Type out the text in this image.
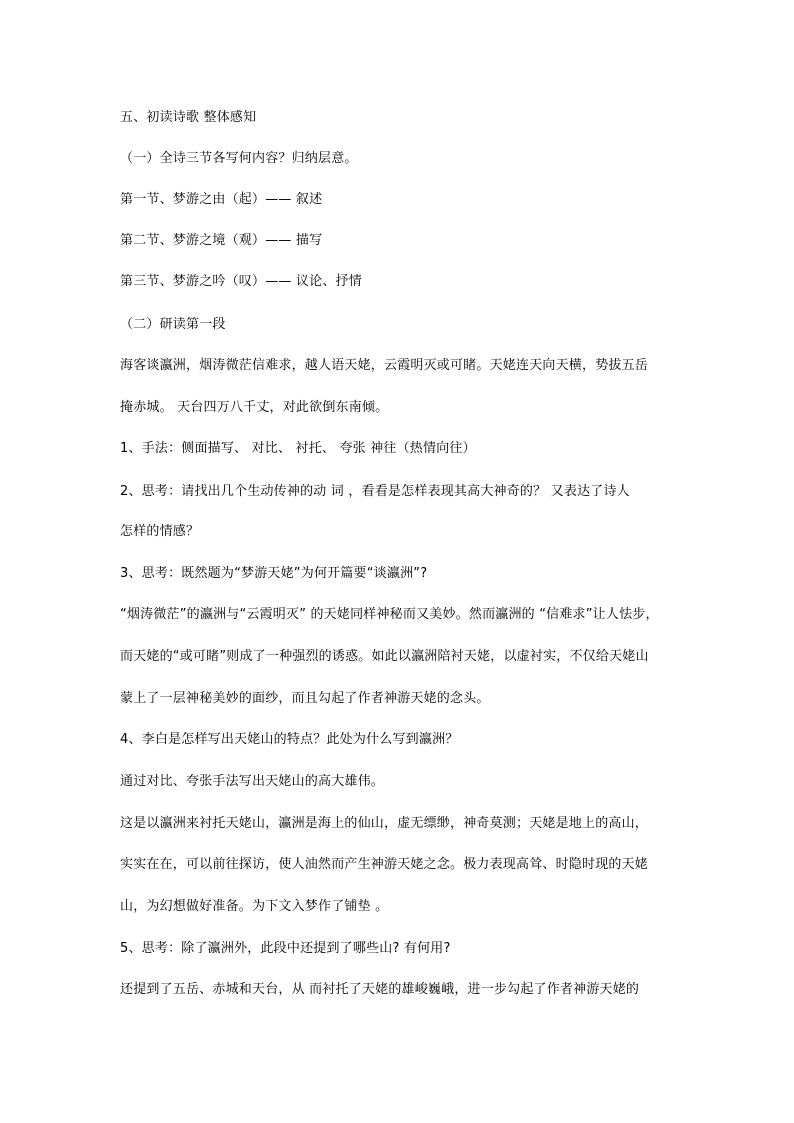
五、初读诗歌 整体感知
（一）全诗三节各写何内容？归纳层意。
第一节、梦游之由（起）—— 叙述
第二节、梦游之境（观）—— 描写
第三节、梦游之吟（叹）—— 议论、抒情
（二）研读第一段
海客谈瀛洲，烟涛微茫信难求，越人语天姥，云霞明灭或可睹。天姥连天向天横，势拔五岳
掩赤城。 天台四万八千丈，对此欲倒东南倾。
1、手法：侧面描写、 对比、 衬托、 夸张 神往（热情向往）
2、思考：请找出几个生动传神的动 词 ，看看是怎样表现其高大神奇的？ 又表达了诗人
怎样的情感？
3、思考：既然题为“梦游天姥”为何开篇要“谈瀛洲”?
“烟涛微茫”的瀛洲与“云霞明灭” 的天姥同样神秘而又美妙。然而瀛洲的 “信难求”让人怯步，
而天姥的“或可睹”则成了一种强烈的诱惑。如此以瀛洲陪衬天姥，以虚衬实，不仅给天姥山
蒙上了一层神秘美妙的面纱，而且勾起了作者神游天姥的念头。
4、李白是怎样写出天姥山的特点？此处为什么写到瀛洲？
通过对比、夸张手法写出天姥山的高大雄伟。
这是以瀛洲来衬托天姥山，瀛洲是海上的仙山，虚无缥缈，神奇莫测；天姥是地上的高山，
实实在在，可以前往探访，使人油然而产生神游天姥之念。极力表现高耸、时隐时现的天姥
山，为幻想做好准备。为下文入梦作了铺垫 。
5、思考：除了瀛洲外，此段中还提到了哪些山? 有何用?
还提到了五岳、赤城和天台，从 而衬托了天姥的雄峻巍峨，进一步勾起了作者神游天姥的
